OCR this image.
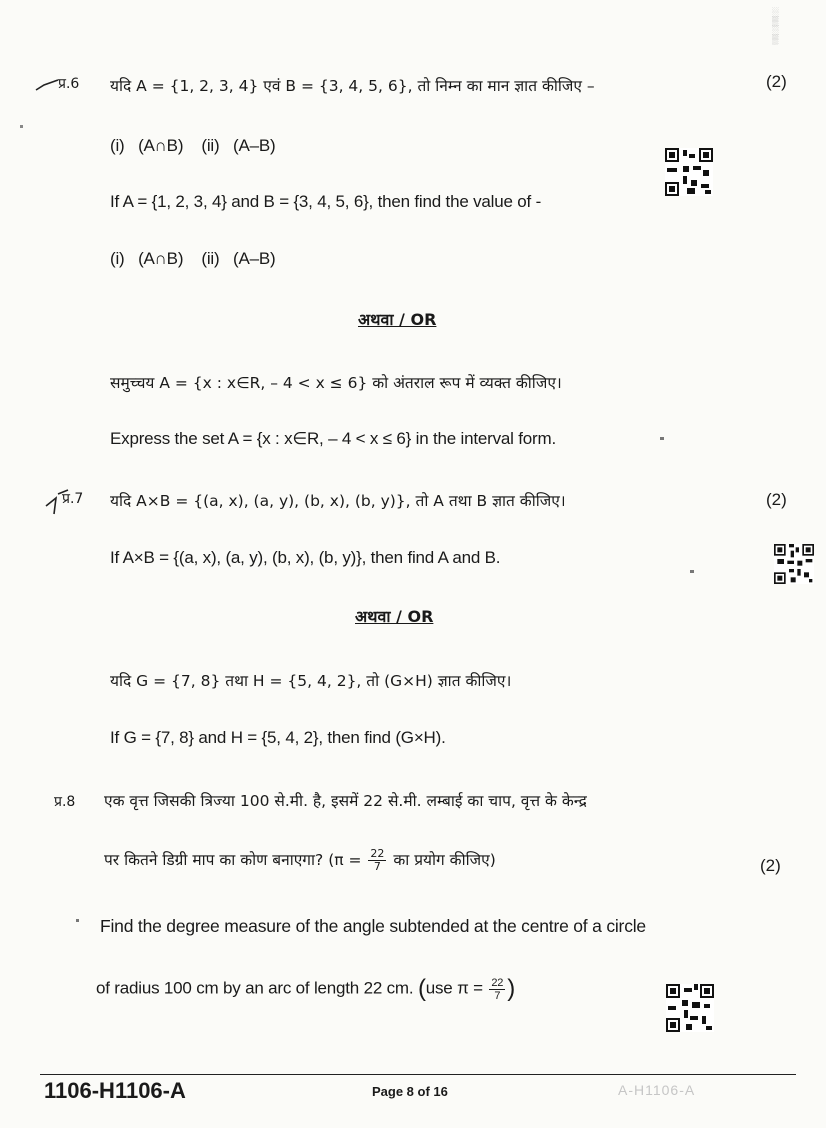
░
▒
░
▒
प्र.6 यदि A = {1, 2, 3, 4} एवं B = {3, 4, 5, 6}, तो निम्न का मान ज्ञात कीजिए –	(2)
(i)   (A∩B)    (ii)   (A–B)
If A = {1, 2, 3, 4} and B = {3, 4, 5, 6}, then find the value of -
(i)   (A∩B)    (ii)   (A–B)
अथवा / OR
समुच्चय A = {x : x∈R, – 4 < x ≤ 6} को अंतराल रूप में व्यक्त कीजिए।
Express the set A = {x : x∈R, – 4 < x ≤ 6} in the interval form.
प्र.7 यदि A×B = {(a, x), (a, y), (b, x), (b, y)}, तो A तथा B ज्ञात कीजिए।	(2)
If A×B = {(a, x), (a, y), (b, x), (b, y)}, then find A and B.
अथवा / OR
यदि G = {7, 8} तथा H = {5, 4, 2}, तो (G×H) ज्ञात कीजिए।
If G = {7, 8} and H = {5, 4, 2}, then find (G×H).
प्र.8 एक वृत्त जिसकी त्रिज्या 100 से.मी. है, इसमें 22 से.मी. लम्बाई का चाप, वृत्त के केन्द्र
पर कितने डिग्री माप का कोण बनाएगा? ($\pi = \frac{22}{7}$ का प्रयोग कीजिए)	(2)
Find the degree measure of the angle subtended at the centre of a circle
of radius 100 cm by an arc of length 22 cm. (use $\pi = \frac{22}{7}$ )
1106-H1106-A	Page 8 of 16	A-H1106-A
